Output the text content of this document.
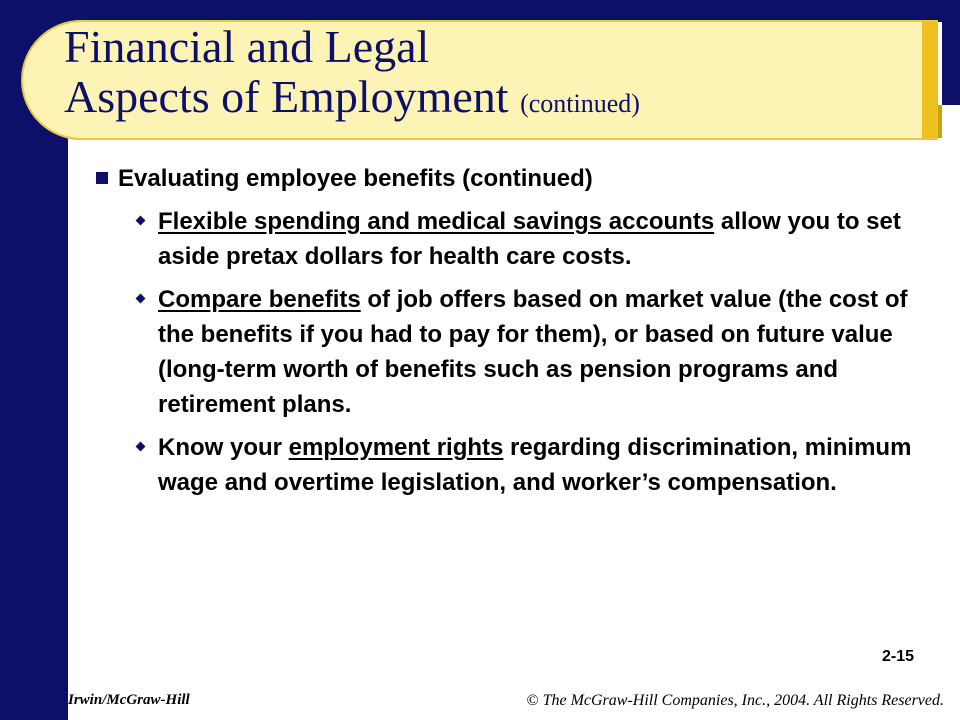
Financial and Legal
Aspects of Employment (continued)
Evaluating employee benefits (continued)
Flexible spending and medical savings accounts allow you to set aside pretax dollars for health care costs.
Compare benefits of job offers based on market value (the cost of the benefits if you had to pay for them), or based on future value (long-term worth of benefits such as pension programs and retirement plans.
Know your employment rights regarding discrimination, minimum wage and overtime legislation, and worker’s compensation.
2-15
Irwin/McGraw-Hill	© The McGraw-Hill Companies, Inc., 2004. All Rights Reserved.
